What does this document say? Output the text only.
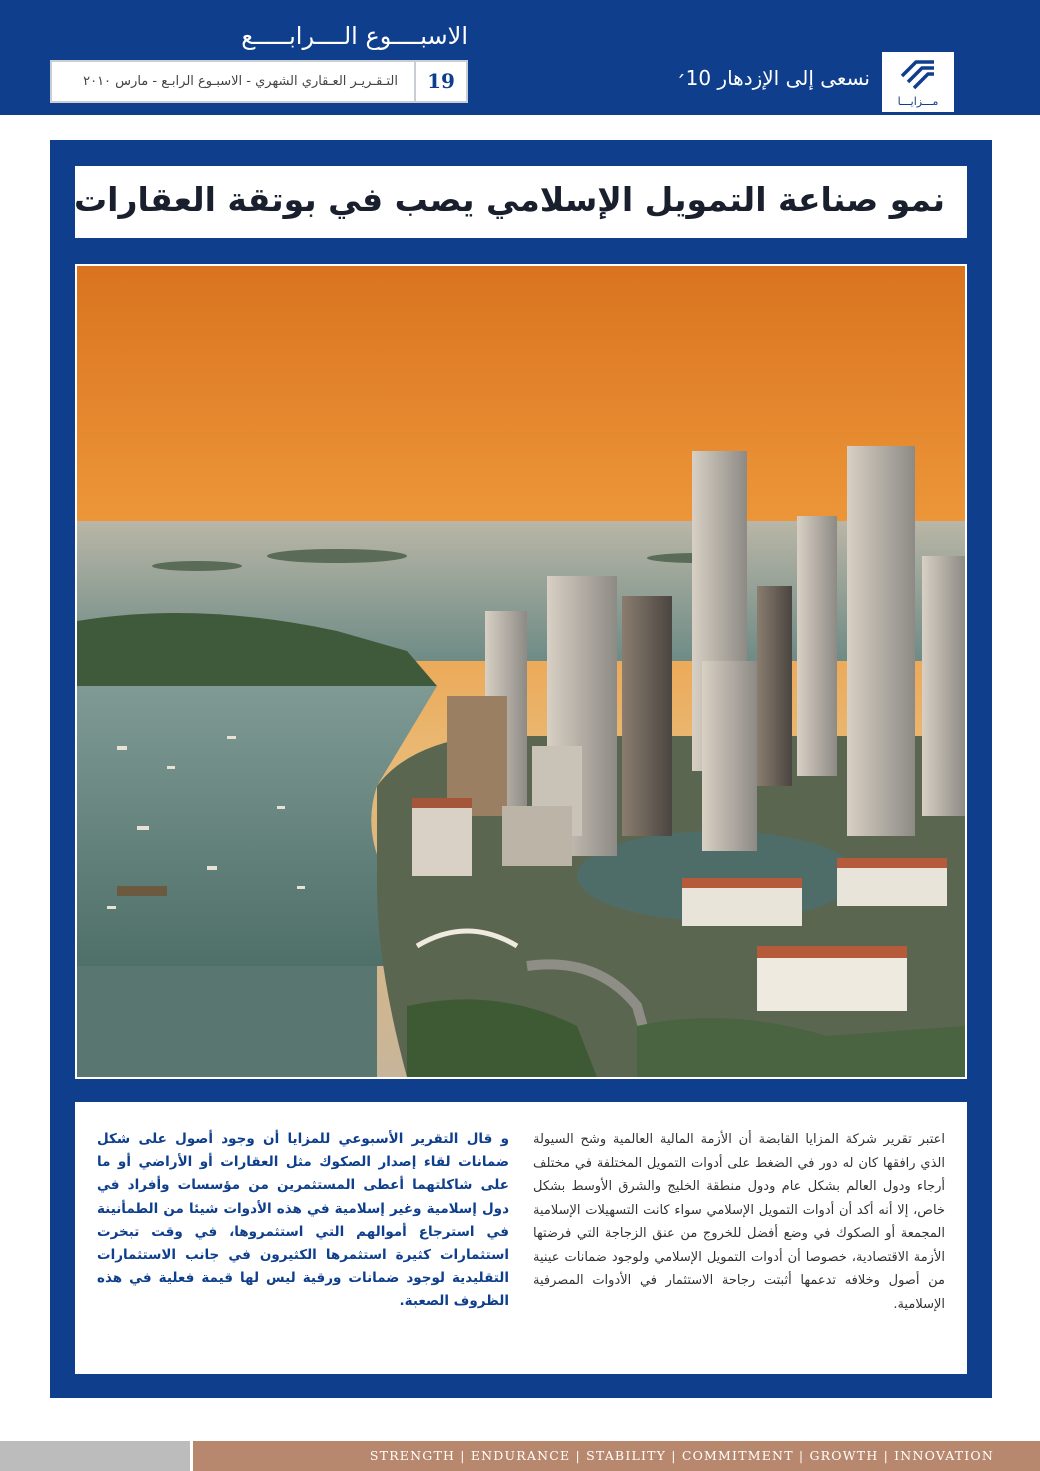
الاسبــــوع الــــرابـــــع
التـقـريـر العـقاري الشهري - الاسبـوع الرابـع - مارس ٢٠١٠	19	نسعى إلى الإزدهار 10׳
مـــزايـــا
نمو صناعة التمويل الإسلامي يصب في بوتقة العقارات

اعتبر تقرير شركة المزايا القابضة أن الأزمة المالية العالمية وشح السيولة الذي رافقها كان له دور في الضغط على أدوات التمويل المختلفة في مختلف أرجاء ودول العالم بشكل عام ودول منطقة الخليج والشرق الأوسط بشكل خاص، إلا أنه أكد أن أدوات التمويل الإسلامي سواء كانت التسهيلات الإسلامية المجمعة أو الصكوك في وضع أفضل للخروج من عنق الزجاجة التي فرضتها الأزمة الاقتصادية، خصوصا أن أدوات التمويل الإسلامي ولوجود ضمانات عينية من أصول وخلافه تدعمها أثبتت رجاحة الاستثمار في الأدوات المصرفية الإسلامية.

و قال التقرير الأسبوعي للمزايا أن وجود أصول على شكل ضمانات لقاء إصدار الصكوك مثل العقارات أو الأراضي أو ما على شاكلتهما أعطى المستثمرين من مؤسسات وأفراد في دول إسلامية وغير إسلامية في هذه الأدوات شيئا من الطمأنينة في استرجاع أموالهم التي استثمروها، في وقت تبخرت استثمارات كثيرة استثمرها الكثيرون في جانب الاستثمارات التقليدية لوجود ضمانات ورقية ليس لها قيمة فعلية في هذه الظروف الصعبة.

STRENGTH | ENDURANCE | STABILITY | COMMITMENT | GROWTH | INNOVATION
